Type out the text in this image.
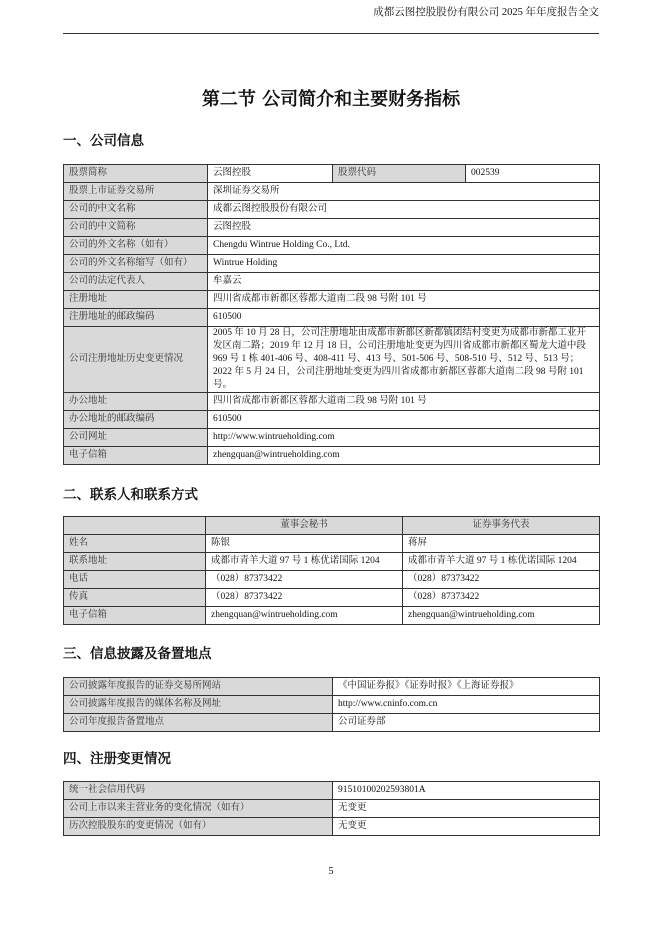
成都云图控股股份有限公司 2025 年年度报告全文
第二节 公司简介和主要财务指标
一、公司信息
股票简称	云图控股	股票代码	002539
股票上市证券交易所	深圳证券交易所		
公司的中文名称	成都云图控股股份有限公司		
公司的中文简称	云图控股		
公司的外文名称（如有）	Chengdu Wintrue Holding Co., Ltd.		
公司的外文名称缩写（如有）	Wintrue Holding		
公司的法定代表人	牟嘉云		
注册地址	四川省成都市新都区蓉都大道南二段 98 号附 101 号		
注册地址的邮政编码	610500		
公司注册地址历史变更情况	2005 年 10 月 28 日，公司注册地址由成都市新都区新都镇团结村变更为成都市新都工业开发区南二路；2019 年 12 月 18 日，公司注册地址变更为四川省成都市新都区蜀龙大道中段 969 号 1 栋 401-406 号、408-411 号、413 号、501-506 号、508-510 号、512 号、513 号；2022 年 5 月 24 日，公司注册地址变更为四川省成都市新都区蓉都大道南二段 98 号附 101 号。		
办公地址	四川省成都市新都区蓉都大道南二段 98 号附 101 号		
办公地址的邮政编码	610500		
公司网址	http://www.wintrueholding.com		
电子信箱	zhengquan@wintrueholding.com		
二、联系人和联系方式
	董事会秘书	证券事务代表
姓名	陈银	蒋屏
联系地址	成都市青羊大道 97 号 1 栋优诺国际 1204	成都市青羊大道 97 号 1 栋优诺国际 1204
电话	（028）87373422	（028）87373422
传真	（028）87373422	（028）87373422
电子信箱	zhengquan@wintrueholding.com	zhengquan@wintrueholding.com
三、信息披露及备置地点
公司披露年度报告的证券交易所网站	《中国证券报》《证券时报》《上海证券报》
公司披露年度报告的媒体名称及网址	http://www.cninfo.com.cn
公司年度报告备置地点	公司证券部
四、注册变更情况
统一社会信用代码	91510100202593801A
公司上市以来主营业务的变化情况（如有）	无变更
历次控股股东的变更情况（如有）	无变更
5
